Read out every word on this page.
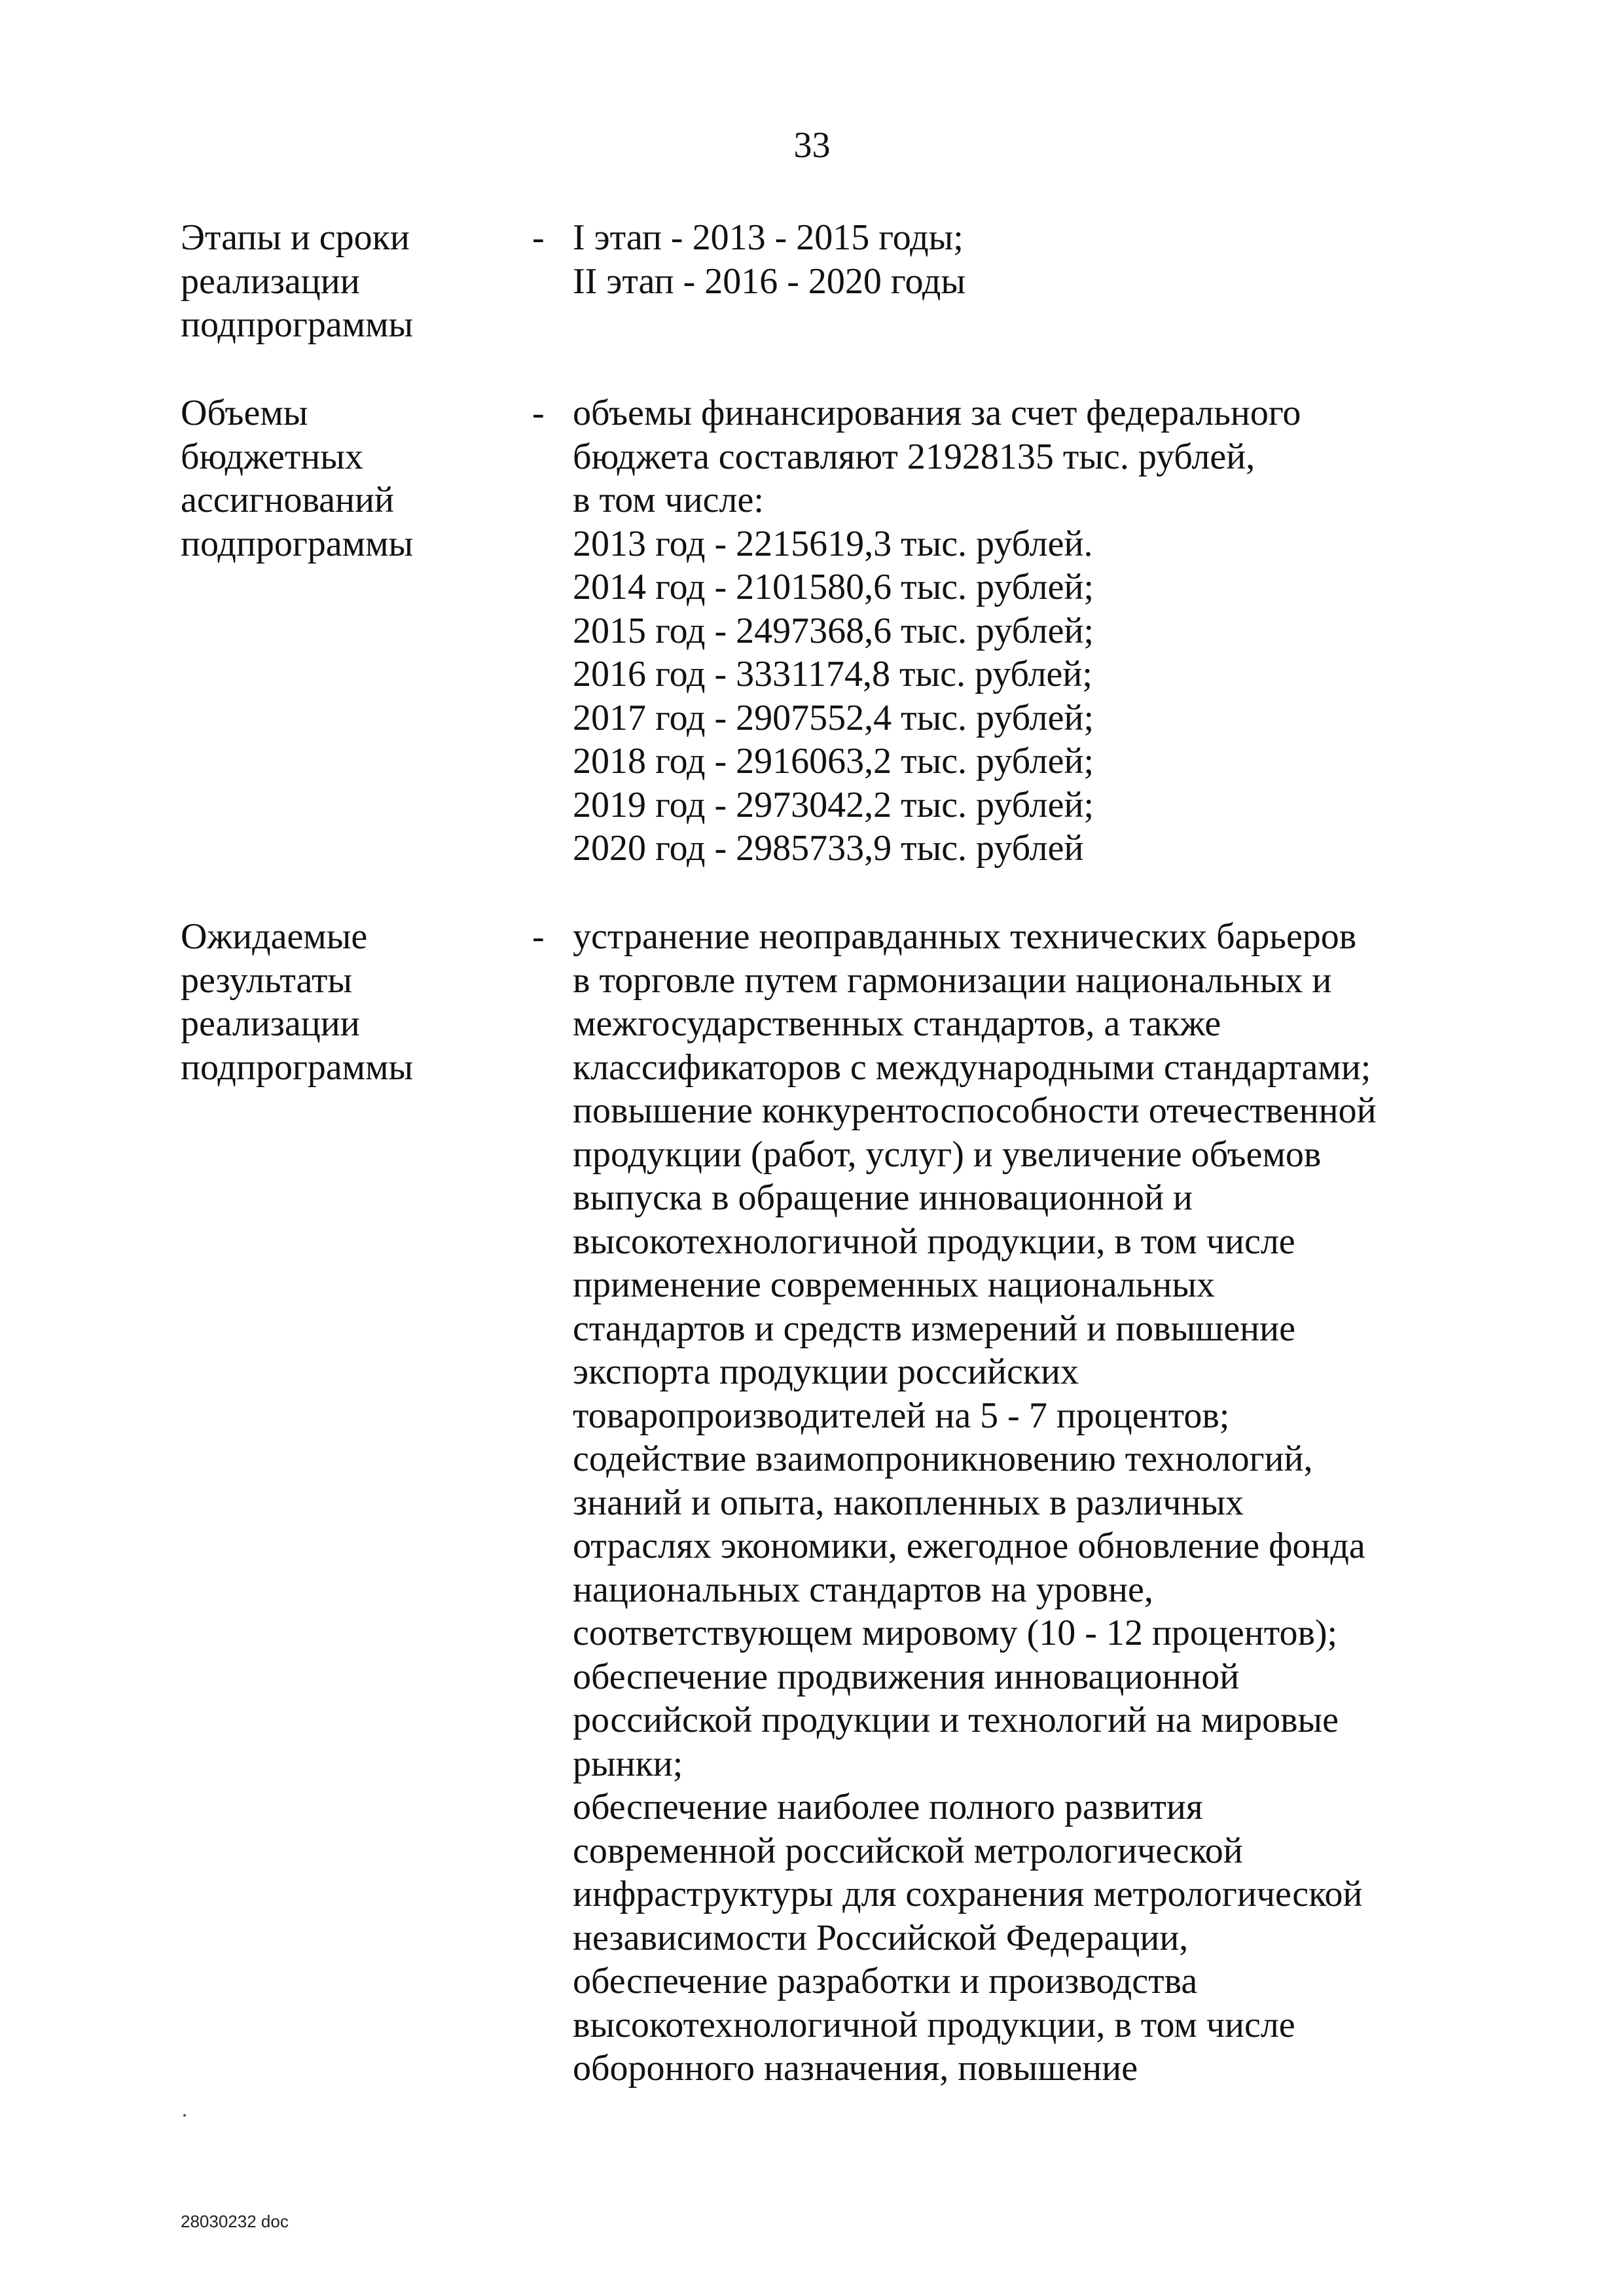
33
Этапы и сроки
реализации
подпрограммы
- I этап - 2013 - 2015 годы;
II этап - 2016 - 2020 годы
Объемы
бюджетных
ассигнований
подпрограммы
- объемы финансирования за счет федерального
бюджета составляют 21928135 тыс. рублей,
в том числе:
2013 год - 2215619,3 тыс. рублей.
2014 год - 2101580,6 тыс. рублей;
2015 год - 2497368,6 тыс. рублей;
2016 год - 3331174,8 тыс. рублей;
2017 год - 2907552,4 тыс. рублей;
2018 год - 2916063,2 тыс. рублей;
2019 год - 2973042,2 тыс. рублей;
2020 год - 2985733,9 тыс. рублей
Ожидаемые
результаты
реализации
подпрограммы
- устранение неоправданных технических барьеров
в торговле путем гармонизации национальных и
межгосударственных стандартов, а также
классификаторов с международными стандартами;
повышение конкурентоспособности отечественной
продукции (работ, услуг) и увеличение объемов
выпуска в обращение инновационной и
высокотехнологичной продукции, в том числе
применение современных национальных
стандартов и средств измерений и повышение
экспорта продукции российских
товаропроизводителей на 5 - 7 процентов;
содействие взаимопроникновению технологий,
знаний и опыта, накопленных в различных
отраслях экономики, ежегодное обновление фонда
национальных стандартов на уровне,
соответствующем мировому (10 - 12 процентов);
обеспечение продвижения инновационной
российской продукции и технологий на мировые
рынки;
обеспечение наиболее полного развития
современной российской метрологической
инфраструктуры для сохранения метрологической
независимости Российской Федерации,
обеспечение разработки и производства
высокотехнологичной продукции, в том числе
оборонного назначения, повышение
28030232 doc
